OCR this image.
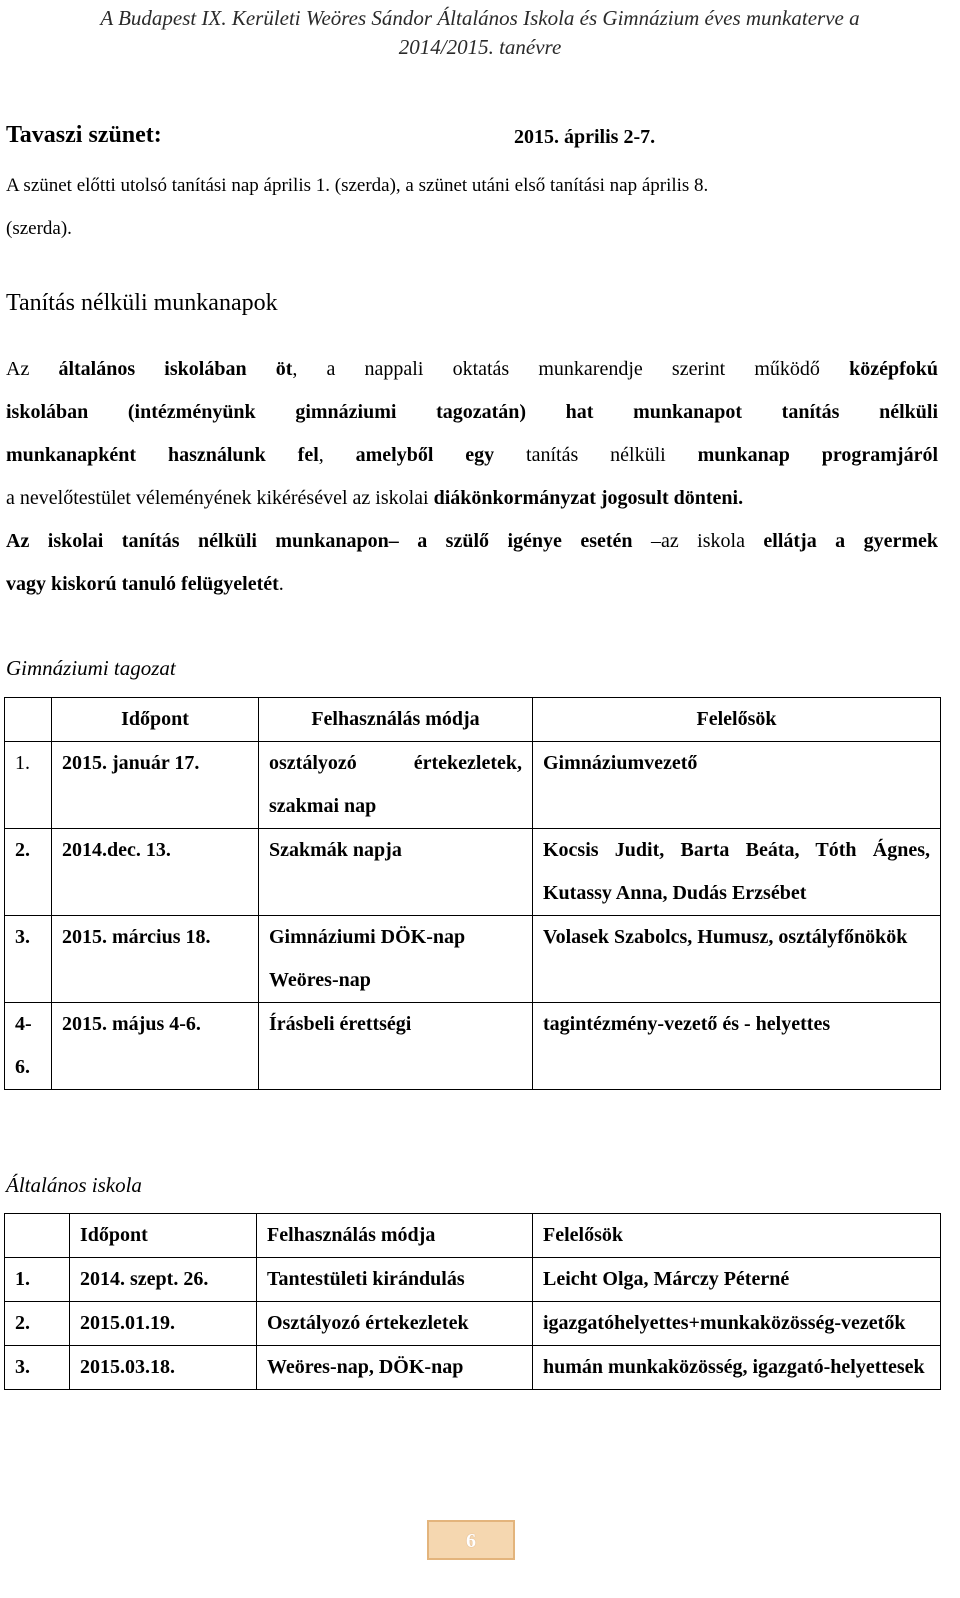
A Budapest IX. Kerületi Weöres Sándor Általános Iskola és Gimnázium éves munkaterve a
2014/2015. tanévre
Tavaszi szünet:	2015. április 2-7.
A szünet előtti utolsó tanítási nap április 1. (szerda), a szünet utáni első tanítási nap április 8.
(szerda).
Tanítás nélküli munkanapok
Az általános iskolában öt, a nappali oktatás munkarendje szerint működő középfokú
iskolában (intézményünk gimnáziumi tagozatán) hat munkanapot tanítás nélküli
munkanapként használunk fel, amelyből egy tanítás nélküli munkanap programjáról
a nevelőtestület véleményének kikérésével az iskolai diákönkormányzat jogosult dönteni.
Az iskolai tanítás nélküli munkanapon– a szülő igénye esetén –az iskola ellátja a gyermek
vagy kiskorú tanuló felügyeletét.
Gimnáziumi tagozat
	Időpont	Felhasználás módja	Felelősök
1.	2015. január 17.	osztályozó értekezletek, szakmai nap	Gimnáziumvezető
2.	2014.dec. 13.	Szakmák napja	Kocsis Judit, Barta Beáta, Tóth Ágnes, Kutassy Anna, Dudás Erzsébet
3.	2015. március 18.	Gimnáziumi DÖK-nap Weöres-nap	Volasek Szabolcs, Humusz, osztályfőnökök
4-6.	2015. május 4-6.	Írásbeli érettségi	tagintézmény-vezető és - helyettes
Általános iskola
	Időpont	Felhasználás módja	Felelősök
1.	2014. szept. 26.	Tantestületi kirándulás	Leicht Olga, Márczy Péterné
2.	2015.01.19.	Osztályozó értekezletek	igazgatóhelyettes+munkaközösség-vezetők
3.	2015.03.18.	Weöres-nap, DÖK-nap	humán munkaközösség, igazgató-helyettesek
6
